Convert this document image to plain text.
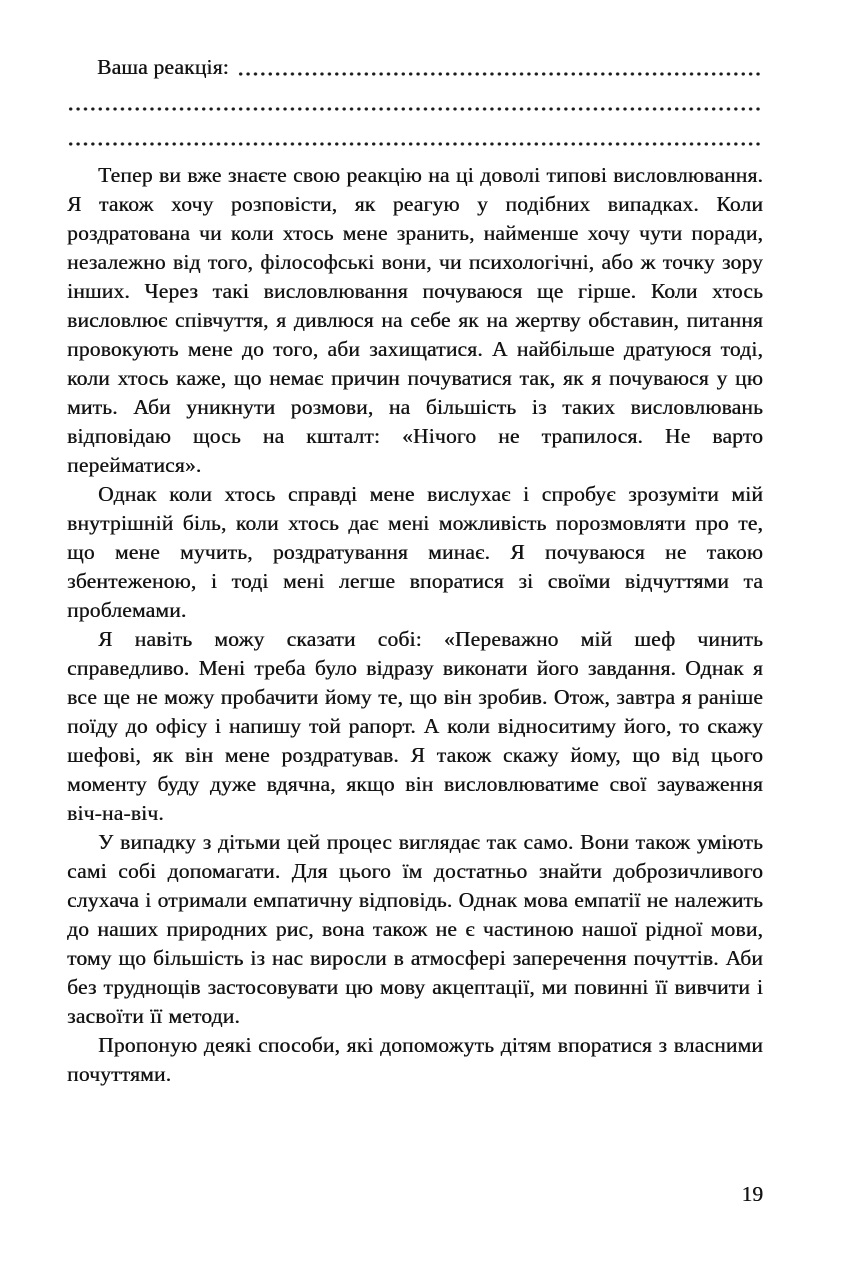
Ваша реакція:

Тепер ви вже знаєте свою реакцію на ці доволі типові висловлювання. Я також хочу розповісти, як реагую у подібних випадках. Коли роздратована чи коли хтось мене зранить, найменше хочу чути поради, незалежно від того, філософські вони, чи психологічні, або ж точку зору інших. Через такі висловлювання почуваюся ще гірше. Коли хтось висловлює співчуття, я дивлюся на себе як на жертву обставин, питання провокують мене до того, аби захищатися. А найбільше дратуюся тоді, коли хтось каже, що немає причин почуватися так, як я почуваюся у цю мить. Аби уникнути розмови, на більшість із таких висловлювань відповідаю щось на кшталт: «Нічого не трапилося. Не варто перейматися».

Однак коли хтось справді мене вислухає і спробує зрозуміти мій внутрішній біль, коли хтось дає мені можливість порозмовляти про те, що мене мучить, роздратування минає. Я почуваюся не такою збентеженою, і тоді мені легше впоратися зі своїми відчуттями та проблемами.

Я навіть можу сказати собі: «Переважно мій шеф чинить справедливо. Мені треба було відразу виконати його завдання. Однак я все ще не можу пробачити йому те, що він зробив. Отож, завтра я раніше поїду до офісу і напишу той рапорт. А коли відноситиму його, то скажу шефові, як він мене роздратував. Я також скажу йому, що від цього моменту буду дуже вдячна, якщо він висловлюватиме свої зауваження віч-на-віч.

У випадку з дітьми цей процес виглядає так само. Вони також уміють самі собі допомагати. Для цього їм достатньо знайти доброзичливого слухача і отримали емпатичну відповідь. Однак мова емпатії не належить до наших природних рис, вона також не є частиною нашої рідної мови, тому що більшість із нас виросли в атмосфері заперечення почуттів. Аби без труднощів застосовувати цю мову акцептації, ми повинні її вивчити і засвоїти її методи.

Пропоную деякі способи, які допоможуть дітям впоратися з власними почуттями.

19
